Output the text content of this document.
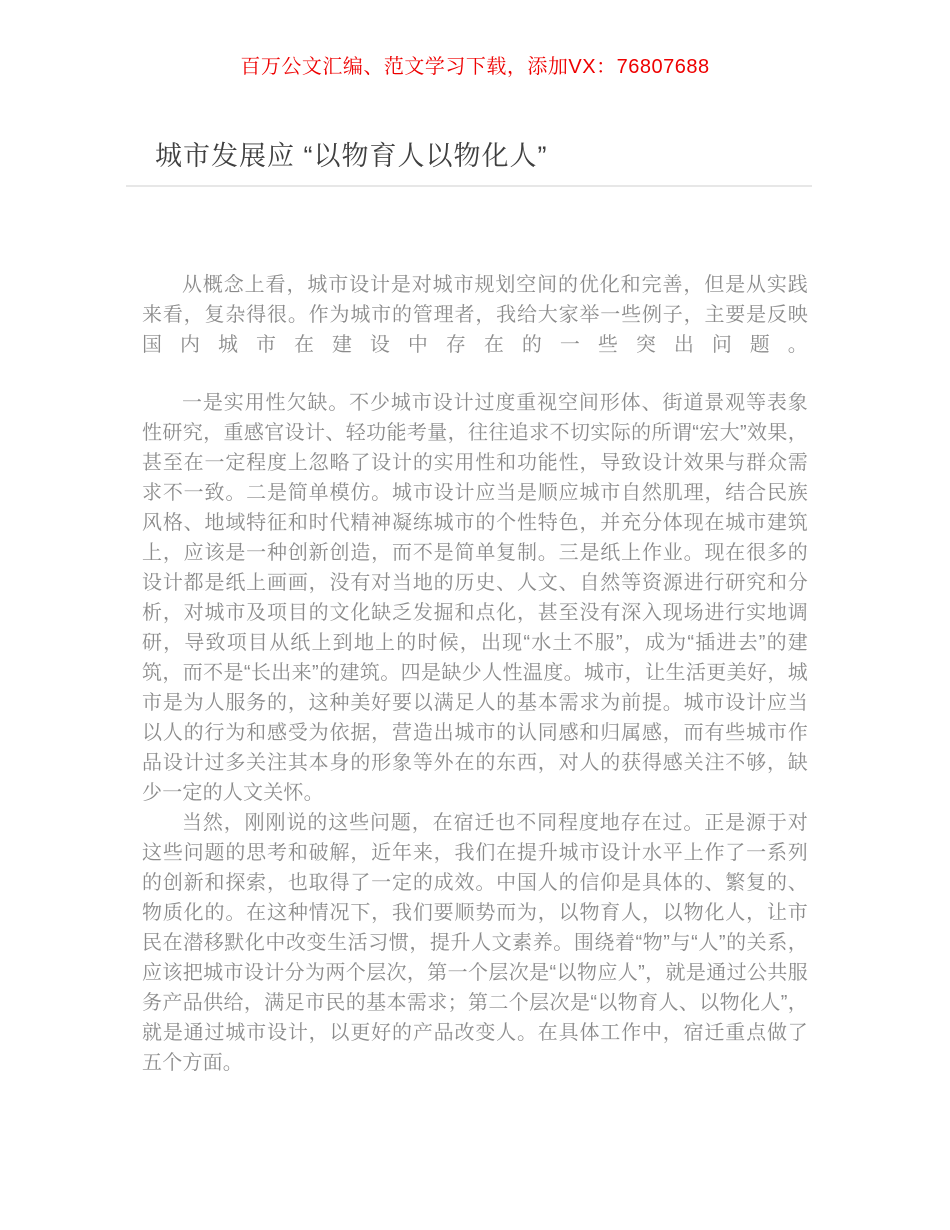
百万公文汇编、范文学习下载，添加VX：76807688
城市发展应 “以物育人以物化人”

从概念上看，城市设计是对城市规划空间的优化和完善，但是从实践来看，复杂得很。作为城市的管理者，我给大家举一些例子，主要是反映国内城市在建设中存在的一些突出问题。

一是实用性欠缺。不少城市设计过度重视空间形体、街道景观等表象性研究，重感官设计、轻功能考量，往往追求不切实际的所谓“宏大”效果，甚至在一定程度上忽略了设计的实用性和功能性，导致设计效果与群众需求不一致。二是简单模仿。城市设计应当是顺应城市自然肌理，结合民族风格、地域特征和时代精神凝练城市的个性特色，并充分体现在城市建筑上，应该是一种创新创造，而不是简单复制。三是纸上作业。现在很多的设计都是纸上画画，没有对当地的历史、人文、自然等资源进行研究和分析，对城市及项目的文化缺乏发掘和点化，甚至没有深入现场进行实地调研，导致项目从纸上到地上的时候，出现“水土不服”，成为“插进去”的建筑，而不是“长出来”的建筑。四是缺少人性温度。城市，让生活更美好，城市是为人服务的，这种美好要以满足人的基本需求为前提。城市设计应当以人的行为和感受为依据，营造出城市的认同感和归属感，而有些城市作品设计过多关注其本身的形象等外在的东西，对人的获得感关注不够，缺少一定的人文关怀。

当然，刚刚说的这些问题，在宿迁也不同程度地存在过。正是源于对这些问题的思考和破解，近年来，我们在提升城市设计水平上作了一系列的创新和探索，也取得了一定的成效。中国人的信仰是具体的、繁复的、物质化的。在这种情况下，我们要顺势而为，以物育人，以物化人，让市民在潜移默化中改变生活习惯，提升人文素养。围绕着“物”与“人”的关系，应该把城市设计分为两个层次，第一个层次是“以物应人”，就是通过公共服务产品供给，满足市民的基本需求；第二个层次是“以物育人、以物化人”，就是通过城市设计，以更好的产品改变人。在具体工作中，宿迁重点做了五个方面。
